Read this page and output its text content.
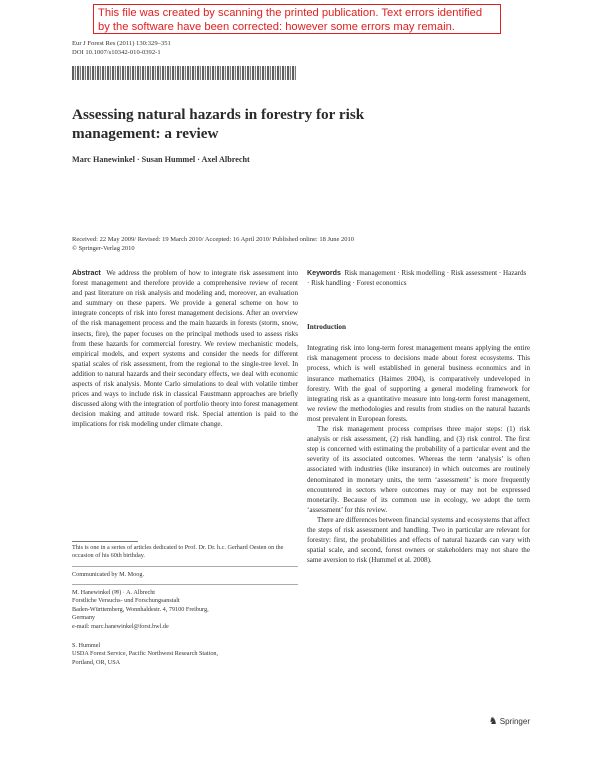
This file was created by scanning the printed publication. Text errors identified by the software have been corrected: however some errors may remain.
Eur J Forest Res (2011) 130:329–351
DOI 10.1007/s10342-010-0392-1
Assessing natural hazards in forestry for risk management: a review
Marc Hanewinkel · Susan Hummel · Axel Albrecht
Received: 22 May 2009/ Revised: 19 March 2010/ Accepted: 16 April 2010/ Published online: 18 June 2010
© Springer-Verlag 2010

Abstract We address the problem of how to integrate risk assessment into forest management and therefore provide a comprehensive review of recent and past literature on risk analysis and modeling and, moreover, an evaluation and summary on these papers. We provide a general scheme on how to integrate concepts of risk into forest management decisions. After an overview of the risk management process and the main hazards in forests (storm, snow, insects, fire), the paper focuses on the principal methods used to assess risks from these hazards for commercial forestry. We review mechanistic models, empirical models, and expert systems and consider the needs for different spatial scales of risk assessment, from the regional to the single-tree level. In addition to natural hazards and their secondary effects, we deal with economic aspects of risk analysis. Monte Carlo simulations to deal with volatile timber prices and ways to include risk in classical Faustmann approaches are briefly discussed along with the integration of portfolio theory into forest management decision making and attitude toward risk. Special attention is paid to the implications for risk modeling under climate change.

This is one in a series of articles dedicated to Prof. Dr. Dr. h.c. Gerhard Oesten on the occasion of his 60th birthday.
Communicated by M. Moog.
M. Hanewinkel (✉) · A. Albrecht
Forstliche Versuchs- und Forschungsanstalt
Baden-Württemberg, Wonnhaldestr. 4, 79100 Freiburg,
Germany
e-mail: marc.hanewinkel@forst.bwl.de
S. Hummel
USDA Forest Service, Pacific Northwest Research Station,
Portland, OR, USA

Keywords Risk management · Risk modelling · Risk assessment · Hazards · Risk handling · Forest economics

Introduction

Integrating risk into long-term forest management means applying the entire risk management process to decisions made about forest ecosystems. This process, which is well established in general business economics and in insurance mathematics (Haimes 2004), is comparatively undeveloped in forestry. With the goal of supporting a general modeling framework for integrating risk as a quantitative measure into long-term forest management, we review the methodologies and results from studies on the natural hazards most prevalent in European forests.

The risk management process comprises three major steps: (1) risk analysis or risk assessment, (2) risk handling, and (3) risk control. The first step is concerned with estimating the probability of a particular event and the severity of its associated outcomes. Whereas the term ‘analysis’ is often associated with industries (like insurance) in which outcomes are routinely denominated in monetary units, the term ‘assessment’ is more frequently encountered in sectors where outcomes may or may not be expressed monetarily. Because of its common use in ecology, we adopt the term ‘assessment’ for this review.

There are differences between financial systems and ecosystems that affect the steps of risk assessment and handling. Two in particular are relevant for forestry: first, the probabilities and effects of natural hazards can vary with spatial scale, and second, forest owners or stakeholders may not share the same aversion to risk (Hummel et al. 2008).

♞ Springer
